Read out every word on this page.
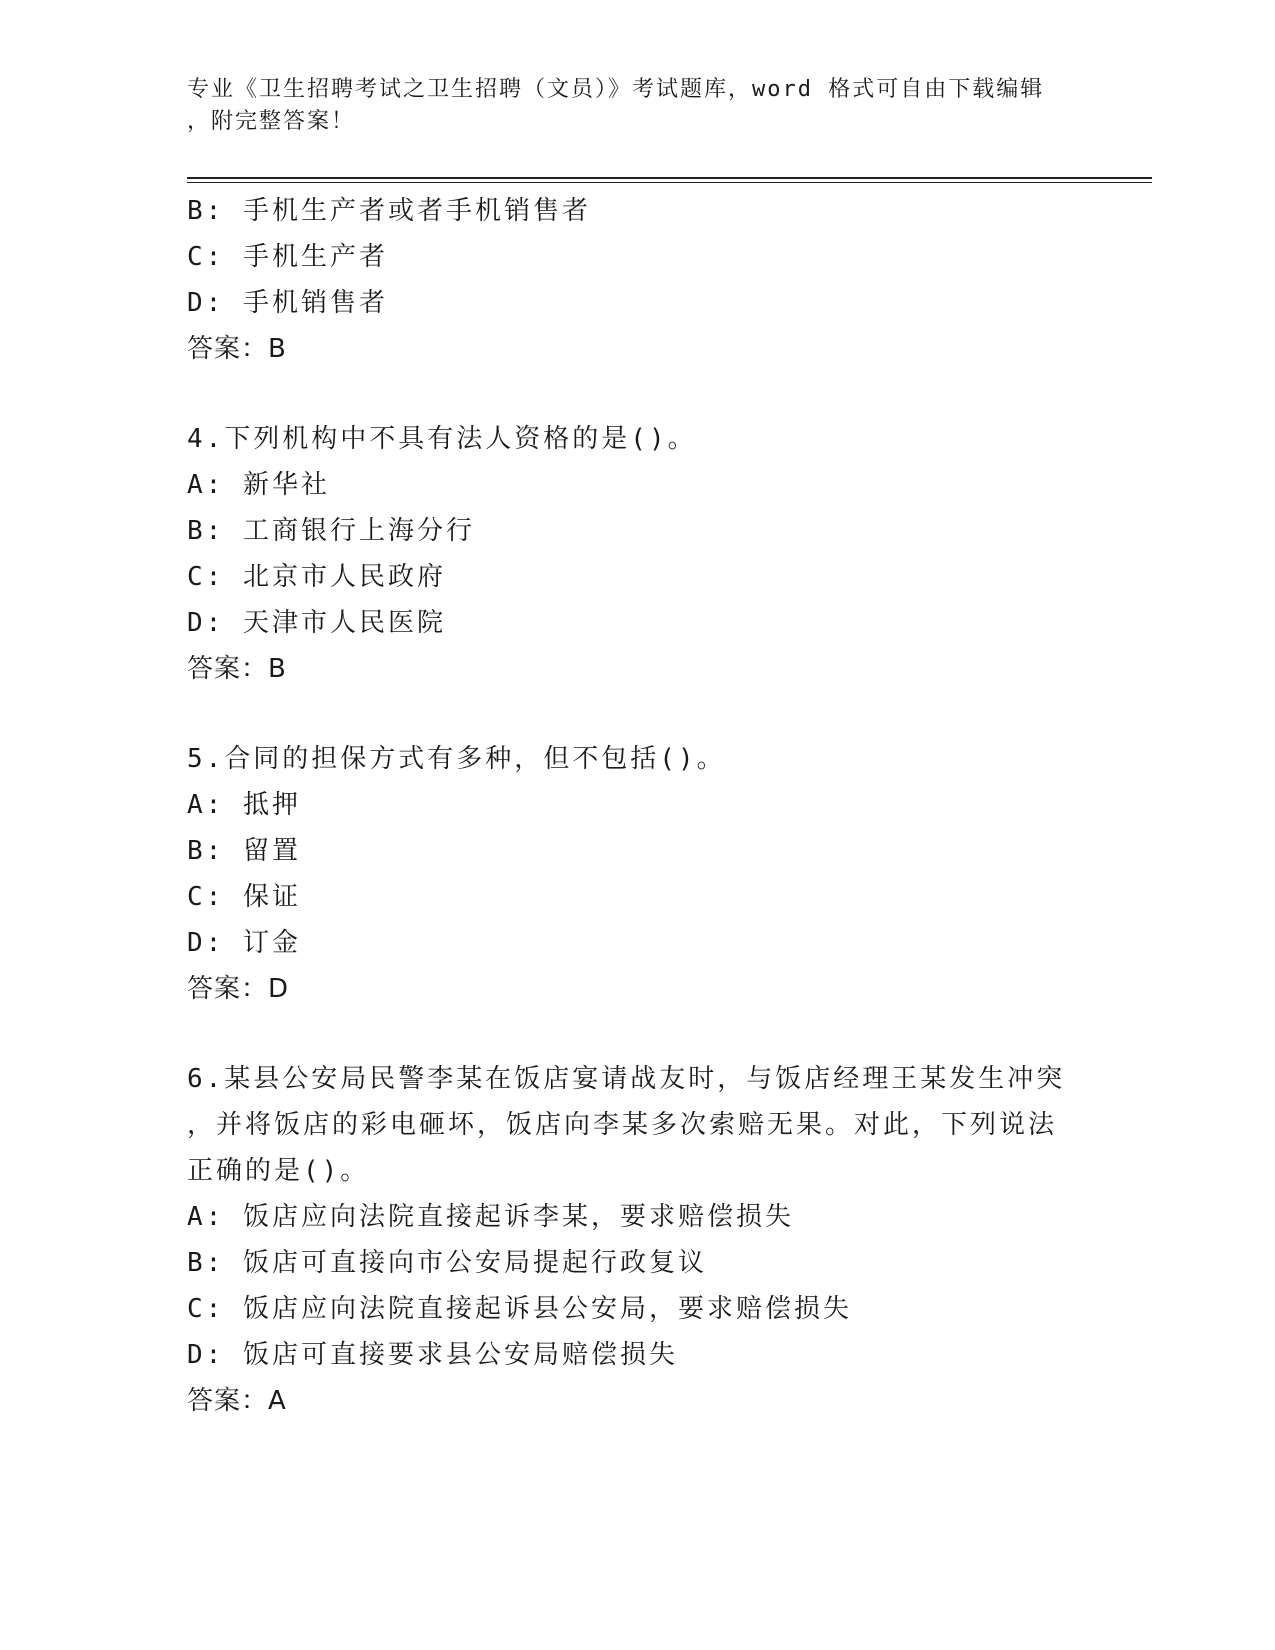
专业《卫生招聘考试之卫生招聘（文员）》考试题库，word 格式可自由下载编辑
，附完整答案！
B: 手机生产者或者手机销售者
C: 手机生产者
D: 手机销售者
答案：B
4.下列机构中不具有法人资格的是()。
A: 新华社
B: 工商银行上海分行
C: 北京市人民政府
D: 天津市人民医院
答案：B
5.合同的担保方式有多种，但不包括()。
A: 抵押
B: 留置
C: 保证
D: 订金
答案：D
6.某县公安局民警李某在饭店宴请战友时，与饭店经理王某发生冲突
，并将饭店的彩电砸坏，饭店向李某多次索赔无果。对此，下列说法
正确的是()。
A: 饭店应向法院直接起诉李某，要求赔偿损失
B: 饭店可直接向市公安局提起行政复议
C: 饭店应向法院直接起诉县公安局，要求赔偿损失
D: 饭店可直接要求县公安局赔偿损失
答案：A
